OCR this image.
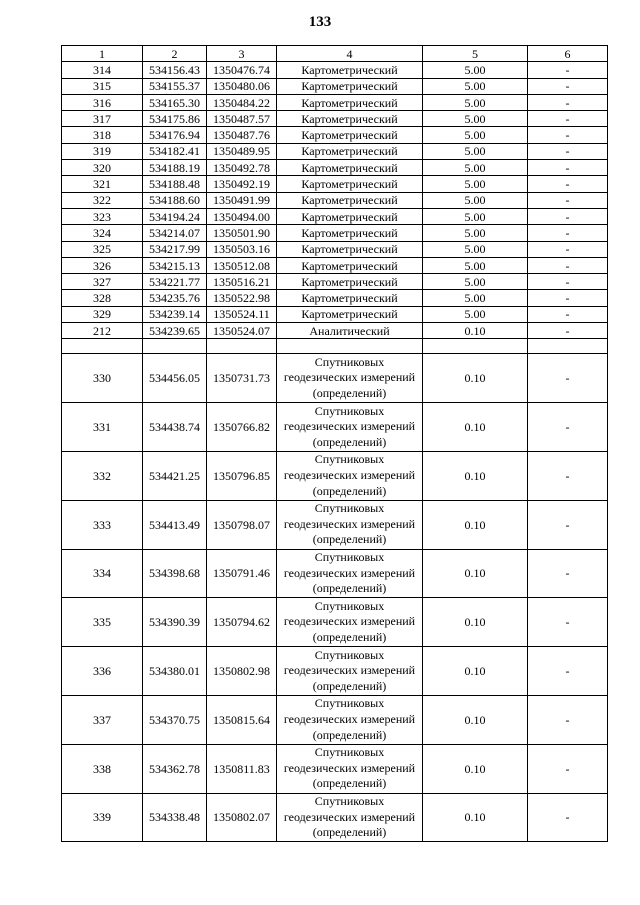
133
1	2	3	4	5	6
314	534156.43	1350476.74	Картометрический	5.00	-
315	534155.37	1350480.06	Картометрический	5.00	-
316	534165.30	1350484.22	Картометрический	5.00	-
317	534175.86	1350487.57	Картометрический	5.00	-
318	534176.94	1350487.76	Картометрический	5.00	-
319	534182.41	1350489.95	Картометрический	5.00	-
320	534188.19	1350492.78	Картометрический	5.00	-
321	534188.48	1350492.19	Картометрический	5.00	-
322	534188.60	1350491.99	Картометрический	5.00	-
323	534194.24	1350494.00	Картометрический	5.00	-
324	534214.07	1350501.90	Картометрический	5.00	-
325	534217.99	1350503.16	Картометрический	5.00	-
326	534215.13	1350512.08	Картометрический	5.00	-
327	534221.77	1350516.21	Картометрический	5.00	-
328	534235.76	1350522.98	Картометрический	5.00	-
329	534239.14	1350524.11	Картометрический	5.00	-
212	534239.65	1350524.07	Аналитический	0.10	-

330	534456.05	1350731.73	Спутниковых
геодезических измерений
(определений)	0.10	-
331	534438.74	1350766.82	Спутниковых
геодезических измерений
(определений)	0.10	-
332	534421.25	1350796.85	Спутниковых
геодезических измерений
(определений)	0.10	-
333	534413.49	1350798.07	Спутниковых
геодезических измерений
(определений)	0.10	-
334	534398.68	1350791.46	Спутниковых
геодезических измерений
(определений)	0.10	-
335	534390.39	1350794.62	Спутниковых
геодезических измерений
(определений)	0.10	-
336	534380.01	1350802.98	Спутниковых
геодезических измерений
(определений)	0.10	-
337	534370.75	1350815.64	Спутниковых
геодезических измерений
(определений)	0.10	-
338	534362.78	1350811.83	Спутниковых
геодезических измерений
(определений)	0.10	-
339	534338.48	1350802.07	Спутниковых
геодезических измерений
(определений)	0.10	-
